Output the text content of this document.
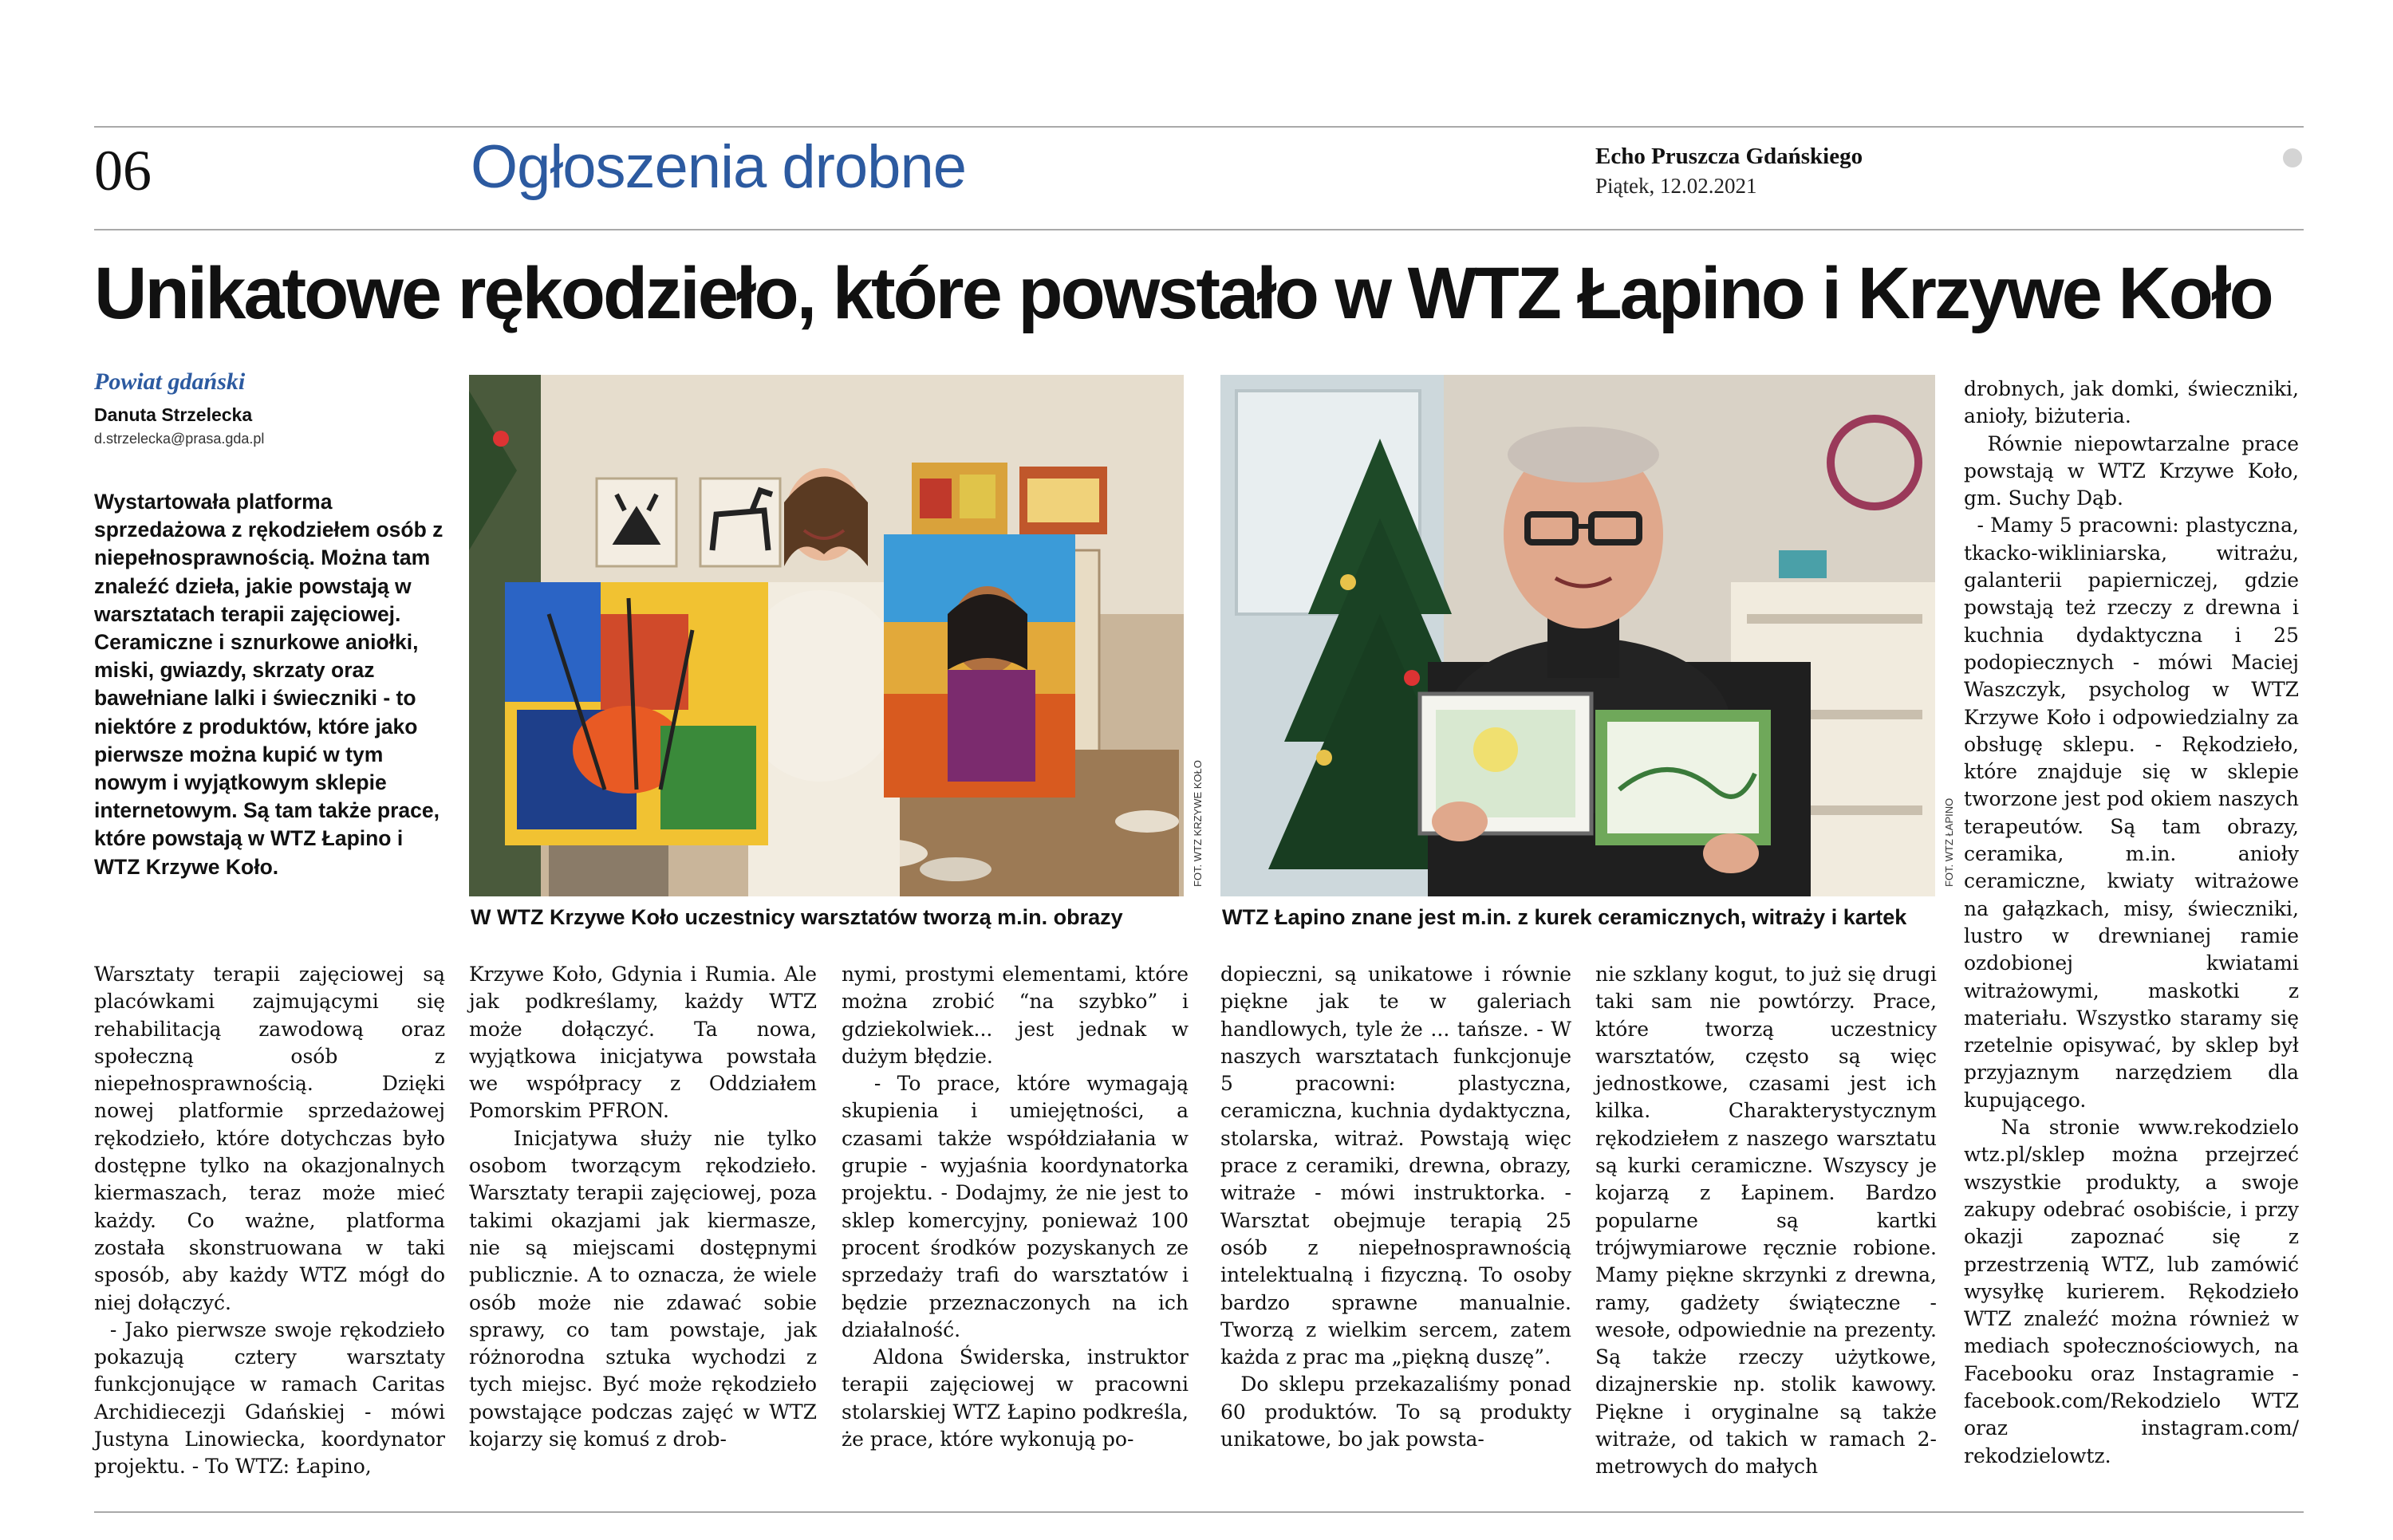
06	Ogłoszenia drobne	Echo Pruszcza Gdańskiego
Piątek, 12.02.2021
Unikatowe rękodzieło, które powstało w WTZ Łapino i Krzywe Koło
Powiat gdański
Danuta Strzelecka
d.strzelecka@prasa.gda.pl

Wystartowała platforma sprzedażowa z rękodziełem osób z niepełnosprawnością. Można tam znaleźć dzieła, jakie powstają w warsztatach terapii zajęciowej. Ceramiczne i sznurkowe aniołki, miski, gwiazdy, skrzaty oraz bawełniane lalki i świeczniki - to niektóre z produktów, które jako pierwsze można kupić w tym nowym i wyjątkowym sklepie internetowym. Są tam także prace, które powstają w WTZ Łapino i WTZ Krzywe Koło.	FOT. WTZ KRZYWE KOŁO
W WTZ Krzywe Koło uczestnicy warsztatów tworzą m.in. obrazy
FOT. WTZ ŁAPINO
WTZ Łapino znane jest m.in. z kurek ceramicznych, witraży i kartek
Warsztaty terapii zajęciowej są placówkami zajmującymi się rehabilitacją zawodową oraz społeczną osób z niepełnosprawnością. Dzięki nowej platformie sprzedażowej rękodzieło, które dotychczas było dostępne tylko na okazjonalnych kiermaszach, teraz może mieć każdy. Co ważne, platforma została skonstruowana w taki sposób, aby każdy WTZ mógł do niej dołączyć.
- Jako pierwsze swoje rękodzieło pokazują cztery warsztaty funkcjonujące w ramach Caritas Archidiecezji Gdańskiej - mówi Justyna Linowiecka, koordynator projektu. - To WTZ: Łapino,
Krzywe Koło, Gdynia i Rumia. Ale jak podkreślamy, każdy WTZ może dołączyć. Ta nowa, wyjątkowa inicjatywa powstała we współpracy z Oddziałem Pomorskim PFRON.
Inicjatywa służy nie tylko osobom tworzącym rękodzieło. Warsztaty terapii zajęciowej, poza takimi okazjami jak kiermasze, nie są miejscami dostępnymi publicznie. A to oznacza, że wiele osób może nie zdawać sobie sprawy, co tam powstaje, jak różnorodna sztuka wychodzi z tych miejsc. Być może rękodzieło powstające podczas zajęć w WTZ kojarzy się komuś z drob-
nymi, prostymi elementami, które można zrobić “na szybko” i gdziekolwiek... jest jednak w dużym błędzie.
- To prace, które wymagają skupienia i umiejętności, a czasami także współdziałania w grupie - wyjaśnia koordynatorka projektu. - Dodajmy, że nie jest to sklep komercyjny, ponieważ 100 procent środków pozyskanych ze sprzedaży trafi do warsztatów i będzie przeznaczonych na ich działalność.
Aldona Świderska, instruktor terapii zajęciowej w pracowni stolarskiej WTZ Łapino podkreśla, że prace, które wykonują po-
dopieczni, są unikatowe i równie piękne jak te w galeriach handlowych, tyle że ... tańsze. - W naszych warsztatach funkcjonuje 5 pracowni: plastyczna, ceramiczna, kuchnia dydaktyczna, stolarska, witraż. Powstają więc prace z ceramiki, drewna, obrazy, witraże - mówi instruktorka. - Warsztat obejmuje terapią 25 osób z niepełnosprawnością intelektualną i fizyczną. To osoby bardzo sprawne manualnie. Tworzą z wielkim sercem, zatem każda z prac ma „piękną duszę”.
Do sklepu przekazaliśmy ponad 60 produktów. To są produkty unikatowe, bo jak powsta-
nie szklany kogut, to już się drugi taki sam nie powtórzy. Prace, które tworzą uczestnicy warsztatów, często są więc jednostkowe, czasami jest ich kilka. Charakterystycznym rękodziełem z naszego warsztatu są kurki ceramiczne. Wszyscy je kojarzą z Łapinem. Bardzo popularne są kartki trójwymiarowe ręcznie robione. Mamy piękne skrzynki z drewna, ramy, gadżety świąteczne - wesołe, odpowiednie na prezenty. Są także rzeczy użytkowe, dizajnerskie np. stolik kawowy. Piękne i oryginalne są także witraże, od takich w ramach 2-metrowych do małych
drobnych, jak domki, świeczniki, anioły, biżuteria.
Równie niepowtarzalne prace powstają w WTZ Krzywe Koło, gm. Suchy Dąb.
- Mamy 5 pracowni: plastyczna, tkacko-wikliniarska, witrażu, galanterii papierniczej, gdzie powstają też rzeczy z drewna i kuchnia dydaktyczna i 25 podopiecznych - mówi Maciej Waszczyk, psycholog w WTZ Krzywe Koło i odpowiedzialny za obsługę sklepu. - Rękodzieło, które znajduje się w sklepie tworzone jest pod okiem naszych terapeutów. Są tam obrazy, ceramika, m.in. anioły ceramiczne, kwiaty witrażowe na gałązkach, misy, świeczniki, lustro w drewnianej ramie ozdobionej kwiatami witrażowymi, maskotki z materiału. Wszystko staramy się rzetelnie opisywać, by sklep był przyjaznym narzędziem dla kupującego.
Na stronie www.rekodzielo wtz.pl/sklep można przejrzeć wszystkie produkty, a swoje zakupy odebrać osobiście, i przy okazji zapoznać się z przestrzenią WTZ, lub zamówić wysyłkę kurierem. Rękodzieło WTZ znaleźć można również w mediach społecznościowych, na Facebooku oraz Instagramie - facebook.com/Rekodzielo WTZ oraz instagram.com/ rekodzielowtz.
